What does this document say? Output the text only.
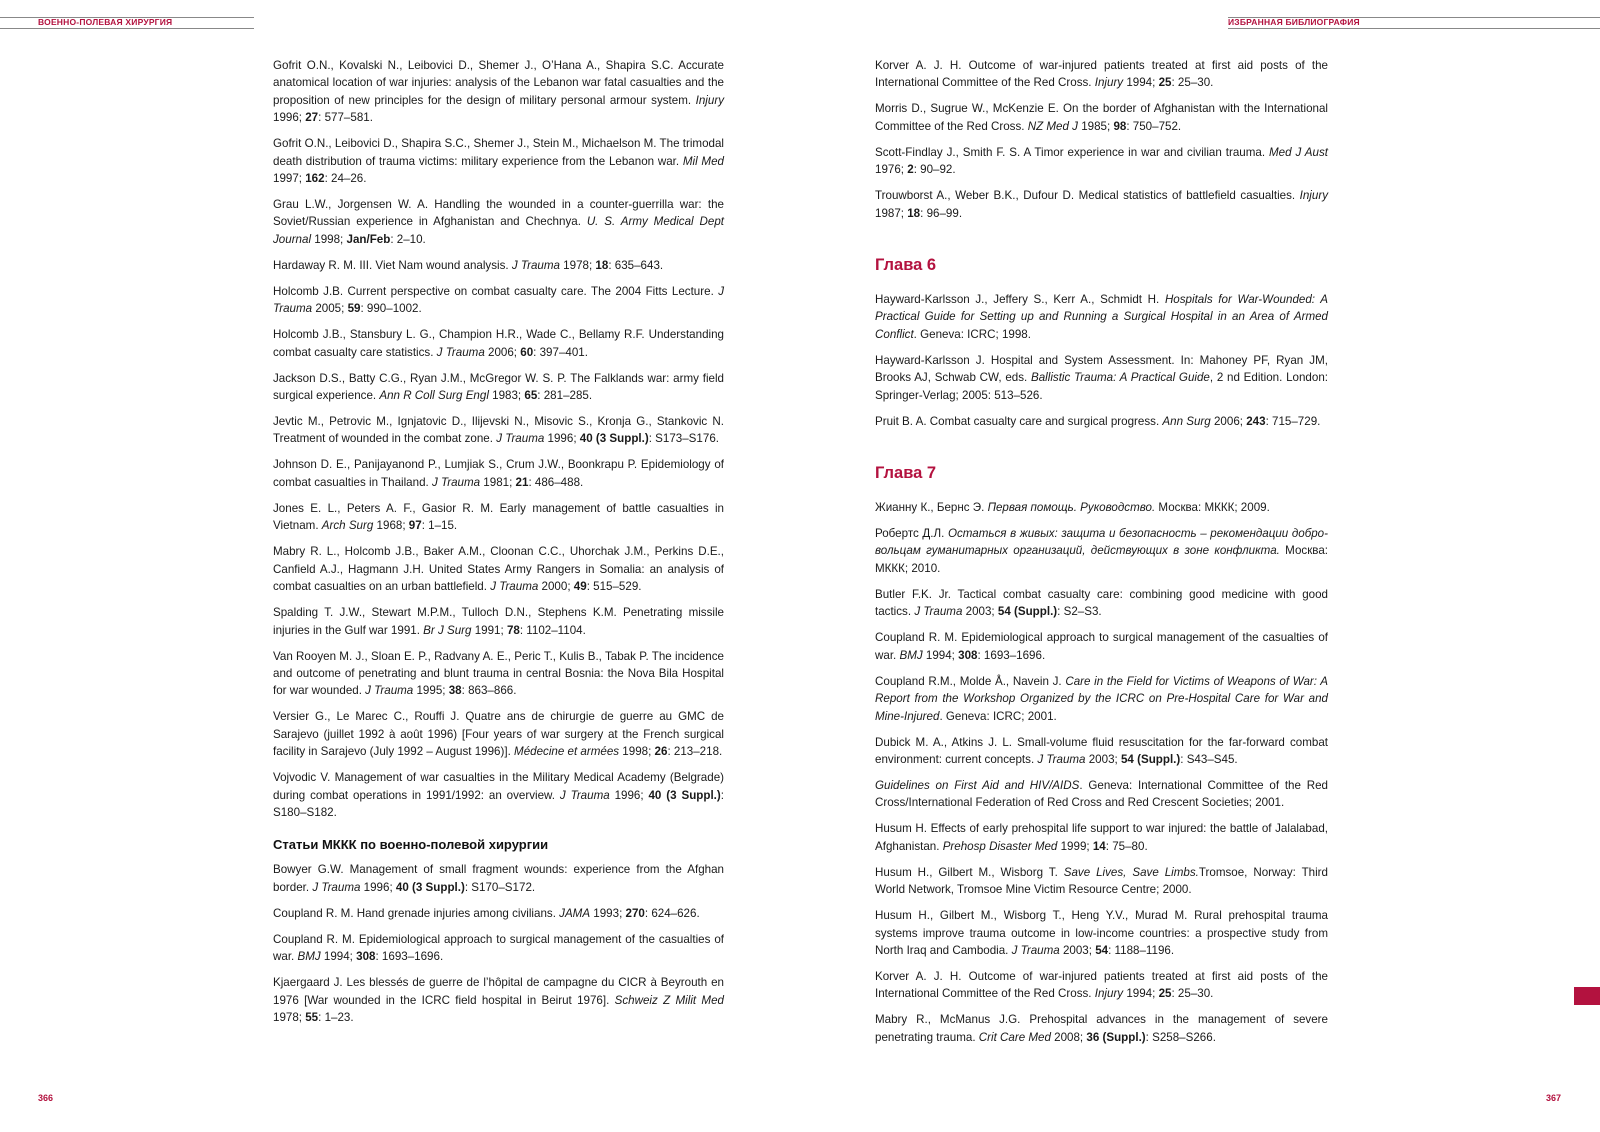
ВОЕННО-ПОЛЕВАЯ ХИРУРГИЯ	ИЗБРАННАЯ БИБЛИОГРАФИЯ

Gofrit O.N., Kovalski N., Leibovici D., Shemer J., O’Hana A., Shapira S.C. Accurate anatomical location of war injuries: analysis of the Lebanon war fatal casualties and the proposition of new principles for the design of military personal armour system. Injury 1996; 27: 577–581.

Gofrit O.N., Leibovici D., Shapira S.C., Shemer J., Stein M., Michaelson M. The trimodal death distribution of trauma victims: military experience from the Lebanon war. Mil Med 1997; 162: 24–26.

Grau L.W., Jorgensen W. A. Handling the wounded in a counter-guerrilla war: the Soviet/Russian experience in Afghanistan and Chechnya. U. S. Army Medical Dept Journal 1998; Jan/Feb: 2–10.

Hardaway R. M. III. Viet Nam wound analysis. J Trauma 1978; 18: 635–643.

Holcomb J.B. Current perspective on combat casualty care. The 2004 Fitts Lecture. J Trauma 2005; 59: 990–1002.

Holcomb J.B., Stansbury L. G., Champion H.R., Wade C., Bellamy R.F. Understanding combat casualty care statistics. J Trauma 2006; 60: 397–401.

Jackson D.S., Batty C.G., Ryan J.M., McGregor W. S. P. The Falklands war: army field surgical experience. Ann R Coll Surg Engl 1983; 65: 281–285.

Jevtic M., Petrovic M., Ignjatovic D., Ilijevski N., Misovic S., Kronja G., Stankovic N. Treatment of wounded in the combat zone. J Trauma 1996; 40 (3 Suppl.): S173–S176.

Johnson D. E., Panijayanond P., Lumjiak S., Crum J.W., Boonkrapu P. Epidemiology of combat casualties in Thailand. J Trauma 1981; 21: 486–488.

Jones E. L., Peters A. F., Gasior R. M. Early management of battle casualties in Vietnam. Arch Surg 1968; 97: 1–15.

Mabry R. L., Holcomb J.B., Baker A.M., Cloonan C.C., Uhorchak J.M., Perkins D.E., Canfield A.J., Hagmann J.H. United States Army Rangers in Somalia: an analysis of combat casualties on an urban battlefield. J Trauma 2000; 49: 515–529.

Spalding T. J.W., Stewart M.P.M., Tulloch D.N., Stephens K.M. Penetrating missile injuries in the Gulf war 1991. Br J Surg 1991; 78: 1102–1104.

Van Rooyen M. J., Sloan E. P., Radvany A. E., Peric T., Kulis B., Tabak P. The incidence and outcome of penetrating and blunt trauma in central Bosnia: the Nova Bila Hospital for war wounded. J Trauma 1995; 38: 863–866.

Versier G., Le Marec C., Rouffi J. Quatre ans de chirurgie de guerre au GMC de Sarajevo (juillet 1992 à août 1996) [Four years of war surgery at the French surgical facility in Sarajevo (July 1992 – August 1996)]. Médecine et armées 1998; 26: 213–218.

Vojvodic V. Management of war casualties in the Military Medical Academy (Belgrade) during combat operations in 1991/1992: an overview. J Trauma 1996; 40 (3 Suppl.): S180–S182.

Статьи МККК по военно-полевой хирургии

Bowyer G.W. Management of small fragment wounds: experience from the Afghan border. J Trauma 1996; 40 (3 Suppl.): S170–S172.

Coupland R. M. Hand grenade injuries among civilians. JAMA 1993; 270: 624–626.

Coupland R. M. Epidemiological approach to surgical management of the casualties of war. BMJ 1994; 308: 1693–1696.

Kjaergaard J. Les blessés de guerre de l’hôpital de campagne du CICR à Beyrouth en 1976 [War wounded in the ICRC field hospital in Beirut 1976]. Schweiz Z Milit Med 1978; 55: 1–23.

Korver A. J. H. Outcome of war-injured patients treated at first aid posts of the International Committee of the Red Cross. Injury 1994; 25: 25–30.

Morris D., Sugrue W., McKenzie E. On the border of Afghanistan with the International Committee of the Red Cross. NZ Med J 1985; 98: 750–752.

Scott-Findlay J., Smith F. S. A Timor experience in war and civilian trauma. Med J Aust 1976; 2: 90–92.

Trouwborst A., Weber B.K., Dufour D. Medical statistics of battlefield casualties. Injury 1987; 18: 96–99.

Глава 6

Hayward-Karlsson J., Jeffery S., Kerr A., Schmidt H. Hospitals for War-Wounded: A Practical Guide for Setting up and Running a Surgical Hospital in an Area of Armed Conflict. Geneva: ICRC; 1998.

Hayward-Karlsson J. Hospital and System Assessment. In: Mahoney PF, Ryan JM, Brooks AJ, Schwab CW, eds. Ballistic Trauma: A Practical Guide, 2 nd Edition. London: Springer-Verlag; 2005: 513–526.

Pruit B. A. Combat casualty care and surgical progress. Ann Surg 2006; 243: 715–729.

Глава 7

Жианну К., Бернс Э. Первая помощь. Руководство. Москва: МККК; 2009.

Робертс Д.Л. Остаться в живых: защита и безопасность – рекомендации добро-вольцам гуманитарных организаций, действующих в зоне конфликта. Москва: МККК; 2010.

Butler F.K. Jr. Tactical combat casualty care: combining good medicine with good tactics. J Trauma 2003; 54 (Suppl.): S2–S3.

Coupland R. M. Epidemiological approach to surgical management of the casualties of war. BMJ 1994; 308: 1693–1696.

Coupland R.M., Molde Å., Navein J. Care in the Field for Victims of Weapons of War: A Report from the Workshop Organized by the ICRC on Pre-Hospital Care for War and Mine-Injured. Geneva: ICRC; 2001.

Dubick M. A., Atkins J. L. Small-volume fluid resuscitation for the far-forward combat environment: current concepts. J Trauma 2003; 54 (Suppl.): S43–S45.

Guidelines on First Aid and HIV/AIDS. Geneva: International Committee of the Red Cross/International Federation of Red Cross and Red Crescent Societies; 2001.

Husum H. Effects of early prehospital life support to war injured: the battle of Jalalabad, Afghanistan. Prehosp Disaster Med 1999; 14: 75–80.

Husum H., Gilbert M., Wisborg T. Save Lives, Save Limbs.Tromsoe, Norway: Third World Network, Tromsoe Mine Victim Resource Centre; 2000.

Husum H., Gilbert M., Wisborg T., Heng Y.V., Murad M. Rural prehospital trauma systems improve trauma outcome in low-income countries: a prospective study from North Iraq and Cambodia. J Trauma 2003; 54: 1188–1196.

Korver A. J. H. Outcome of war-injured patients treated at first aid posts of the International Committee of the Red Cross. Injury 1994; 25: 25–30.

Mabry R., McManus J.G. Prehospital advances in the management of severe penetrating trauma. Crit Care Med 2008; 36 (Suppl.): S258–S266.

366	367
